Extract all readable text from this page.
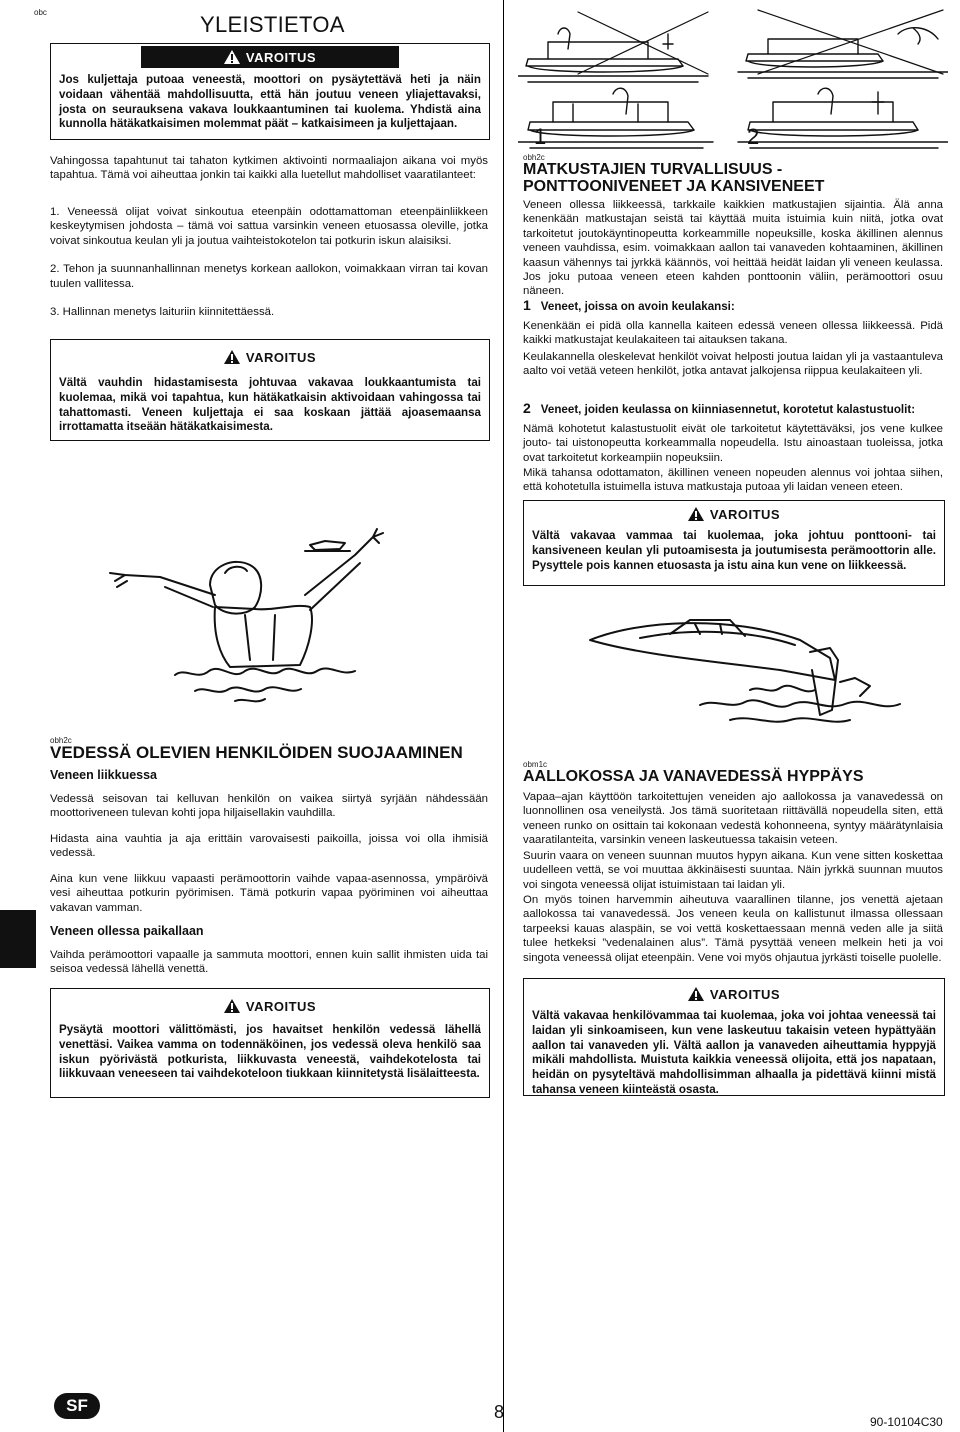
obc	YLEISTIETOA
VAROITUS

Jos kuljettaja putoaa veneestä, moottori on pysäytettävä heti ja näin voidaan vähentää mahdollisuutta, että hän joutuu veneen yliajettavaksi, josta on seurauksena vakava loukkaantuminen tai kuolema. Yhdistä aina kunnolla hätäkatkaisimen molemmat päät – katkaisimeen ja kuljettajaan.

Vahingossa tapahtunut tai tahaton kytkimen aktivointi normaaliajon aikana voi myös tapahtua. Tämä voi aiheuttaa jonkin tai kaikki alla luetellut mahdolliset vaaratilanteet:

1. Veneessä olijat voivat sinkoutua eteenpäin odottamattoman eteenpäinliikkeen keskeytymisen johdosta – tämä voi sattua varsinkin veneen etuosassa oleville, jotka voivat sinkoutua keulan yli ja joutua vaihteistokotelon tai potkurin iskun alaisiksi.

2. Tehon ja suunnanhallinnan menetys korkean aallokon, voimakkaan virran tai kovan tuulen vallitessa.

3. Hallinnan menetys laituriin kiinnitettäessä.

VAROITUS

Vältä vauhdin hidastamisesta johtuvaa vakavaa loukkaantumista tai kuolemaa, mikä voi tapahtua, kun hätäkatkaisin aktivoidaan vahingossa tai tahattomasti. Veneen kuljettaja ei saa koskaan jättää ajoasemaansa irrottamatta itseään hätäkatkaisimesta.

obh2c
VEDESSÄ OLEVIEN HENKILÖIDEN SUOJAAMINEN
Veneen liikkuessa

Vedessä seisovan tai kelluvan henkilön on vaikea siirtyä syrjään nähdessään moottoriveneen tulevan kohti jopa hiljaisellakin vauhdilla.

Hidasta aina vauhtia ja aja erittäin varovaisesti paikoilla, joissa voi olla ihmisiä vedessä.

Aina kun vene liikkuu vapaasti perämoottorin vaihde vapaa-asennossa, ympäröivä vesi aiheuttaa potkurin pyörimisen. Tämä potkurin vapaa pyöriminen voi aiheuttaa vakavan vamman.

Veneen ollessa paikallaan

Vaihda perämoottori vapaalle ja sammuta moottori, ennen kuin sallit ihmisten uida tai seisoa vedessä lähellä venettä.

VAROITUS

Pysäytä moottori välittömästi, jos havaitset henkilön vedessä lähellä venettäsi. Vaikea vamma on todennäköinen, jos vedessä oleva henkilö saa iskun pyörivästä potkurista, liikkuvasta veneestä, vaihdekotelosta tai liikkuvaan veneeseen tai vaihdekoteloon tiukkaan kiinnitetystä lisälaitteesta.

1	2
obh2c
MATKUSTAJIEN TURVALLISUUS - PONTTOONIVENEET JA KANSIVENEET

Veneen ollessa liikkeessä, tarkkaile kaikkien matkustajien sijaintia. Älä anna kenenkään matkustajan seistä tai käyttää muita istuimia kuin niitä, jotka ovat tarkoitetut joutokäyntinopeutta korkeammille nopeuksille, koska äkillinen alennus veneen vauhdissa, esim. voimakkaan aallon tai vanaveden kohtaaminen, äkillinen kaasun vähennys tai jyrkkä käännös, voi heittää heidät laidan yli veneen keulassa. Jos joku putoaa veneen eteen kahden ponttoonin väliin, perämoottori osuu näneen.

1 Veneet, joissa on avoin keulakansi:

Kenenkään ei pidä olla kannella kaiteen edessä veneen ollessa liikkeessä. Pidä kaikki matkustajat keulakaiteen tai aitauksen takana.

Keulakannella oleskelevat henkilöt voivat helposti joutua laidan yli ja vastaantuleva aalto voi vetää veteen henkilöt, jotka antavat jalkojensa riippua keulakaiteen yli.

2 Veneet, joiden keulassa on kiinniasennetut, korotetut kalastustuolit:

Nämä kohotetut kalastustuolit eivät ole tarkoitetut käytettäväksi, jos vene kulkee jouto- tai uistonopeutta korkeammalla nopeudella. Istu ainoastaan tuoleissa, jotka ovat tarkoitetut korkeampiin nopeuksiin.

Mikä tahansa odottamaton, äkillinen veneen nopeuden alennus voi johtaa siihen, että kohotetulla istuimella istuva matkustaja putoaa yli laidan veneen eteen.

VAROITUS

Vältä vakavaa vammaa tai kuolemaa, joka johtuu ponttooni- tai kansiveneen keulan yli putoamisesta ja joutumisesta perämoottorin alle. Pysyttele pois kannen etuosasta ja istu aina kun vene on liikkeessä.

obm1c
AALLOKOSSA JA VANAVEDESSÄ HYPPÄYS

Vapaa–ajan käyttöön tarkoitettujen veneiden ajo aallokossa ja vanavedessä on luonnollinen osa veneilystä. Jos tämä suoritetaan riittävällä nopeudella siten, että veneen runko on osittain tai kokonaan vedestä kohonneena, syntyy määrätynlaisia vaaratilanteita, varsinkin veneen laskeutuessa takaisin veteen.

Suurin vaara on veneen suunnan muutos hypyn aikana. Kun vene sitten koskettaa uudelleen vettä, se voi muuttaa äkkinäisesti suuntaa. Näin jyrkkä suunnan muutos voi singota veneessä olijat istuimistaan tai laidan yli.

On myös toinen harvemmin aiheutuva vaarallinen tilanne, jos venettä ajetaan aallokossa tai vanavedessä. Jos veneen keula on kallistunut ilmassa ollessaan tarpeeksi kauas alaspäin, se voi vettä koskettaessaan mennä veden alle ja siitä tulee hetkeksi ”vedenalainen alus”. Tämä pysyttää veneen melkein heti ja voi singota veneessä olijat eteenpäin. Vene voi myös ohjautua jyrkästi toiselle puolelle.

VAROITUS

Vältä vakavaa henkilövammaa tai kuolemaa, joka voi johtaa veneessä tai laidan yli sinkoamiseen, kun vene laskeutuu takaisin veteen hypättyään aallon tai vanaveden yli. Vältä aallon ja vanaveden aiheuttamia hyppyjä mikäli mahdollista. Muistuta kaikkia veneessä olijoita, että jos napataan, heidän on pysyteltävä mahdollisimman alhaalla ja pidettävä kiinni mistä tahansa veneen kiinteästä osasta.

SF	8	90-10104C30
